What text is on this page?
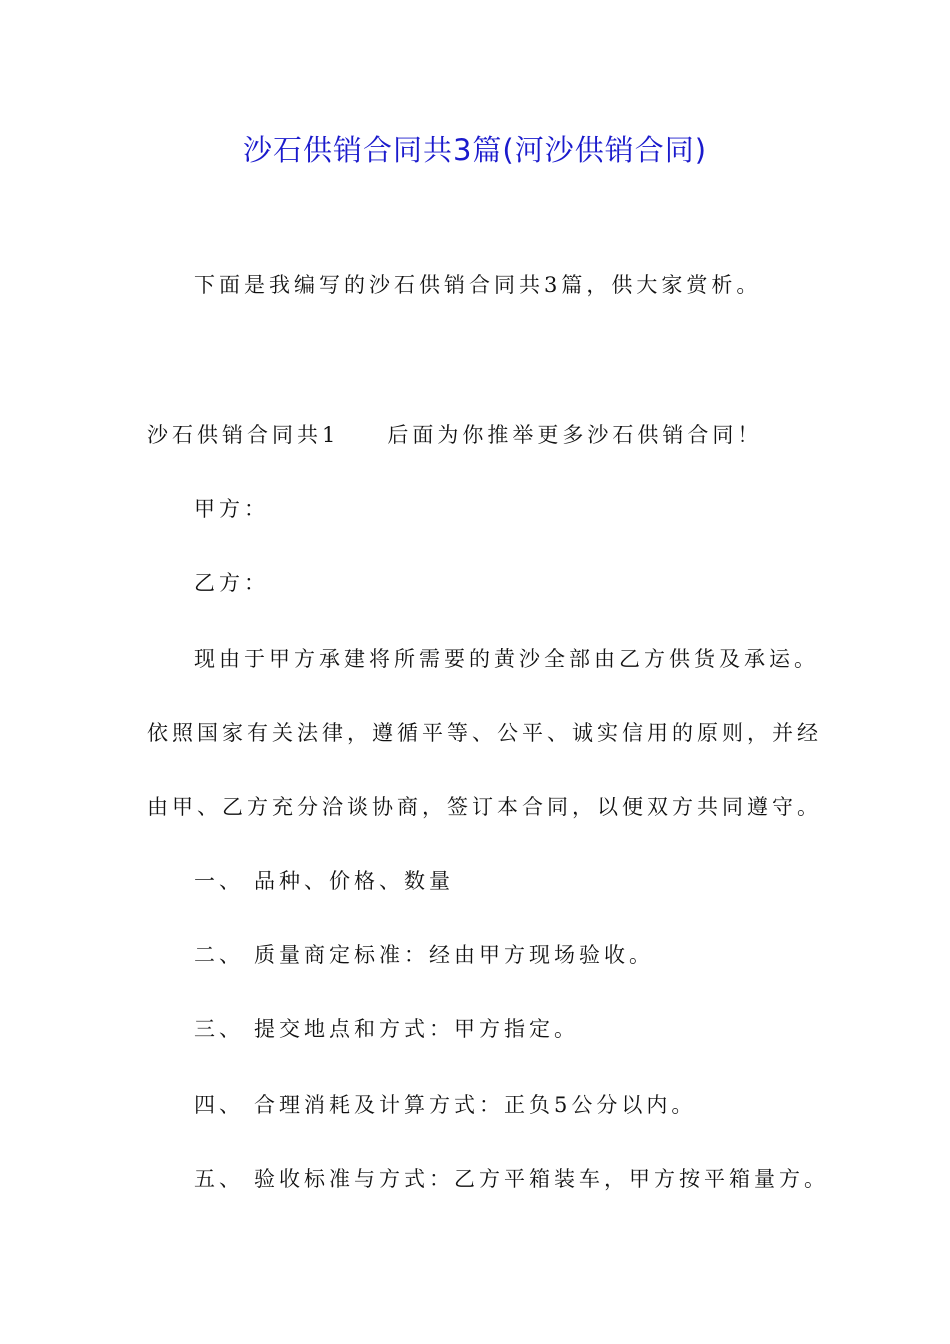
沙石供销合同共3篇(河沙供销合同)

下面是我编写的沙石供销合同共3篇，供大家赏析。

沙石供销合同共1 后面为你推举更多沙石供销合同！

甲方：

乙方：

现由于甲方承建将所需要的黄沙全部由乙方供货及承运。

依照国家有关法律，遵循平等、公平、诚实信用的原则，并经

由甲、乙方充分洽谈协商，签订本合同，以便双方共同遵守。

一、 品种、价格、数量

二、 质量商定标准：经由甲方现场验收。

三、 提交地点和方式：甲方指定。

四、 合理消耗及计算方式：正负5公分以内。

五、 验收标准与方式：乙方平箱装车，甲方按平箱量方。
